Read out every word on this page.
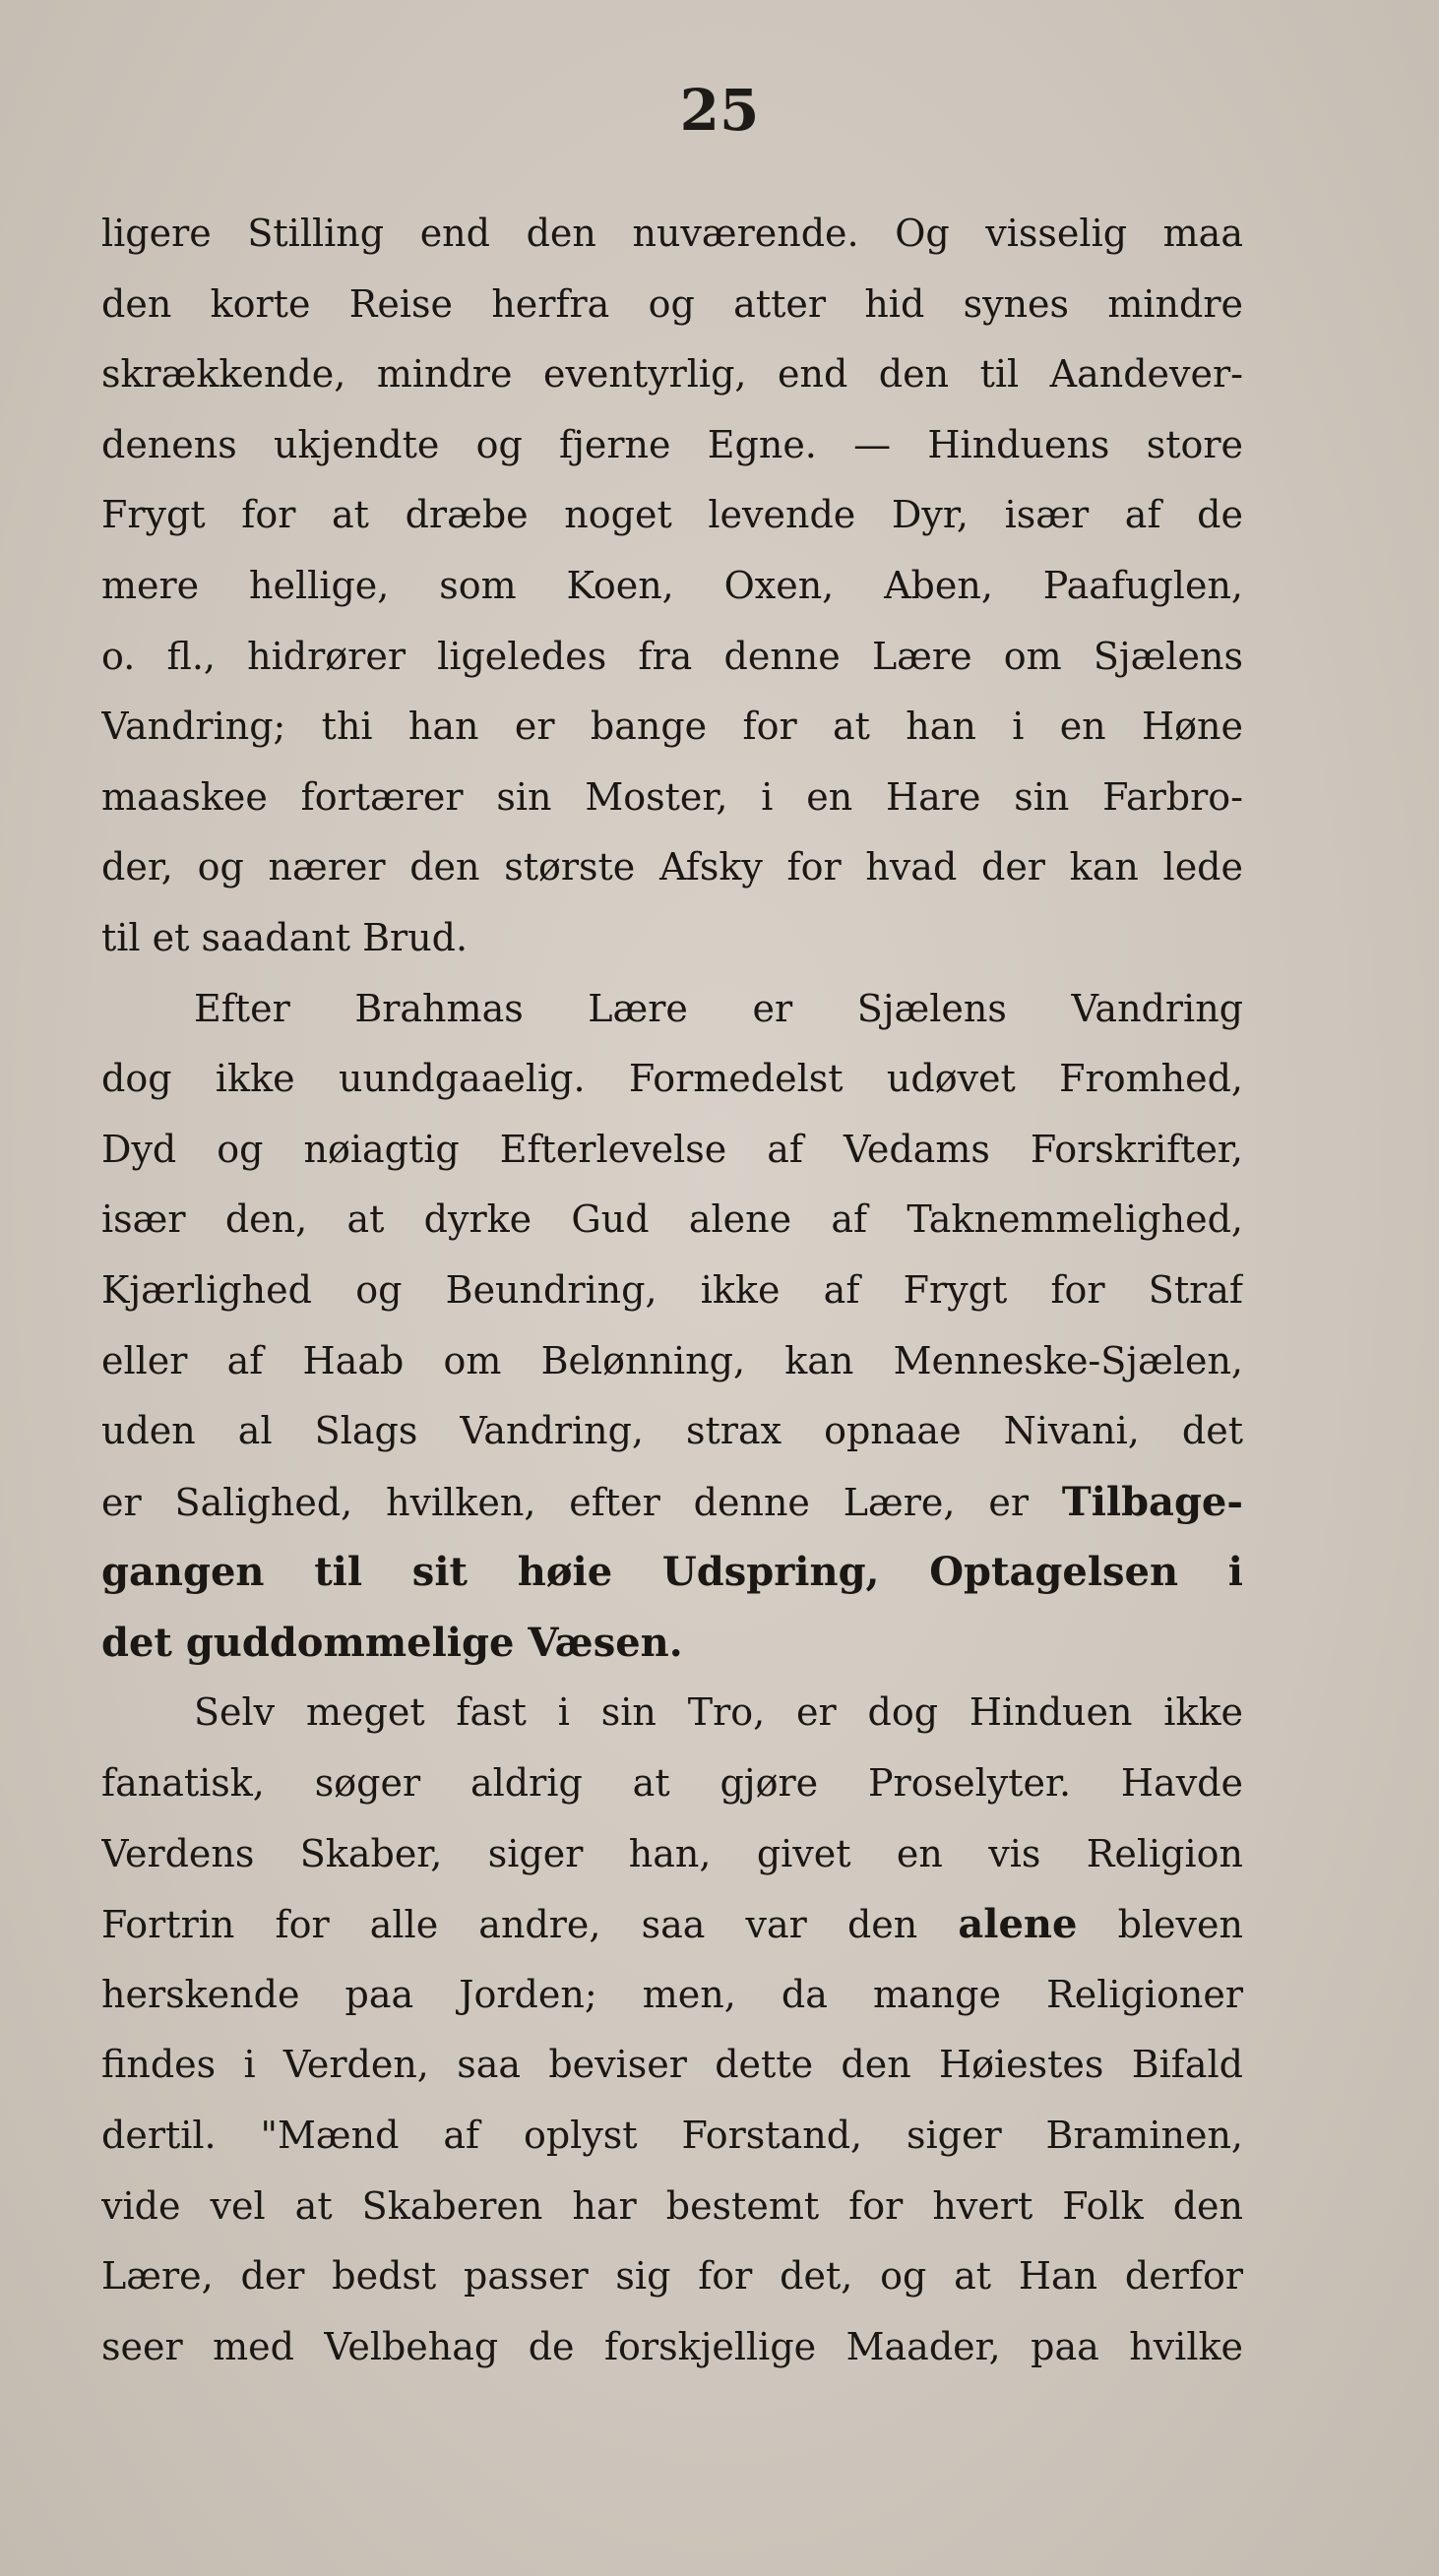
25
ligere Stilling end den nuværende. Og visselig maa
den korte Reise herfra og atter hid synes mindre
skrækkende, mindre eventyrlig, end den til Aandever-
denens ukjendte og fjerne Egne. — Hinduens store
Frygt for at dræbe noget levende Dyr, især af de
mere hellige, som Koen, Oxen, Aben, Paafuglen,
o. fl., hidrører ligeledes fra denne Lære om Sjælens
Vandring; thi han er bange for at han i en Høne
maaskee fortærer sin Moster, i en Hare sin Farbro-
der, og nærer den største Afsky for hvad der kan lede
til et saadant Brud.
Efter Brahmas Lære er Sjælens Vandring
dog ikke uundgaaelig. Formedelst udøvet Fromhed,
Dyd og nøiagtig Efterlevelse af Vedams Forskrifter,
især den, at dyrke Gud alene af Taknemmelighed,
Kjærlighed og Beundring, ikke af Frygt for Straf
eller af Haab om Belønning, kan Menneske-Sjælen,
uden al Slags Vandring, strax opnaae Nivani, det
er Salighed, hvilken, efter denne Lære, er Tilbage-
gangen til sit høie Udspring, Optagelsen i
det guddommelige Væsen.
Selv meget fast i sin Tro, er dog Hinduen ikke
fanatisk, søger aldrig at gjøre Proselyter. Havde
Verdens Skaber, siger han, givet en vis Religion
Fortrin for alle andre, saa var den alene bleven
herskende paa Jorden; men, da mange Religioner
findes i Verden, saa beviser dette den Høiestes Bifald
dertil. "Mænd af oplyst Forstand, siger Braminen,
vide vel at Skaberen har bestemt for hvert Folk den
Lære, der bedst passer sig for det, og at Han derfor
seer med Velbehag de forskjellige Maader, paa hvilke
